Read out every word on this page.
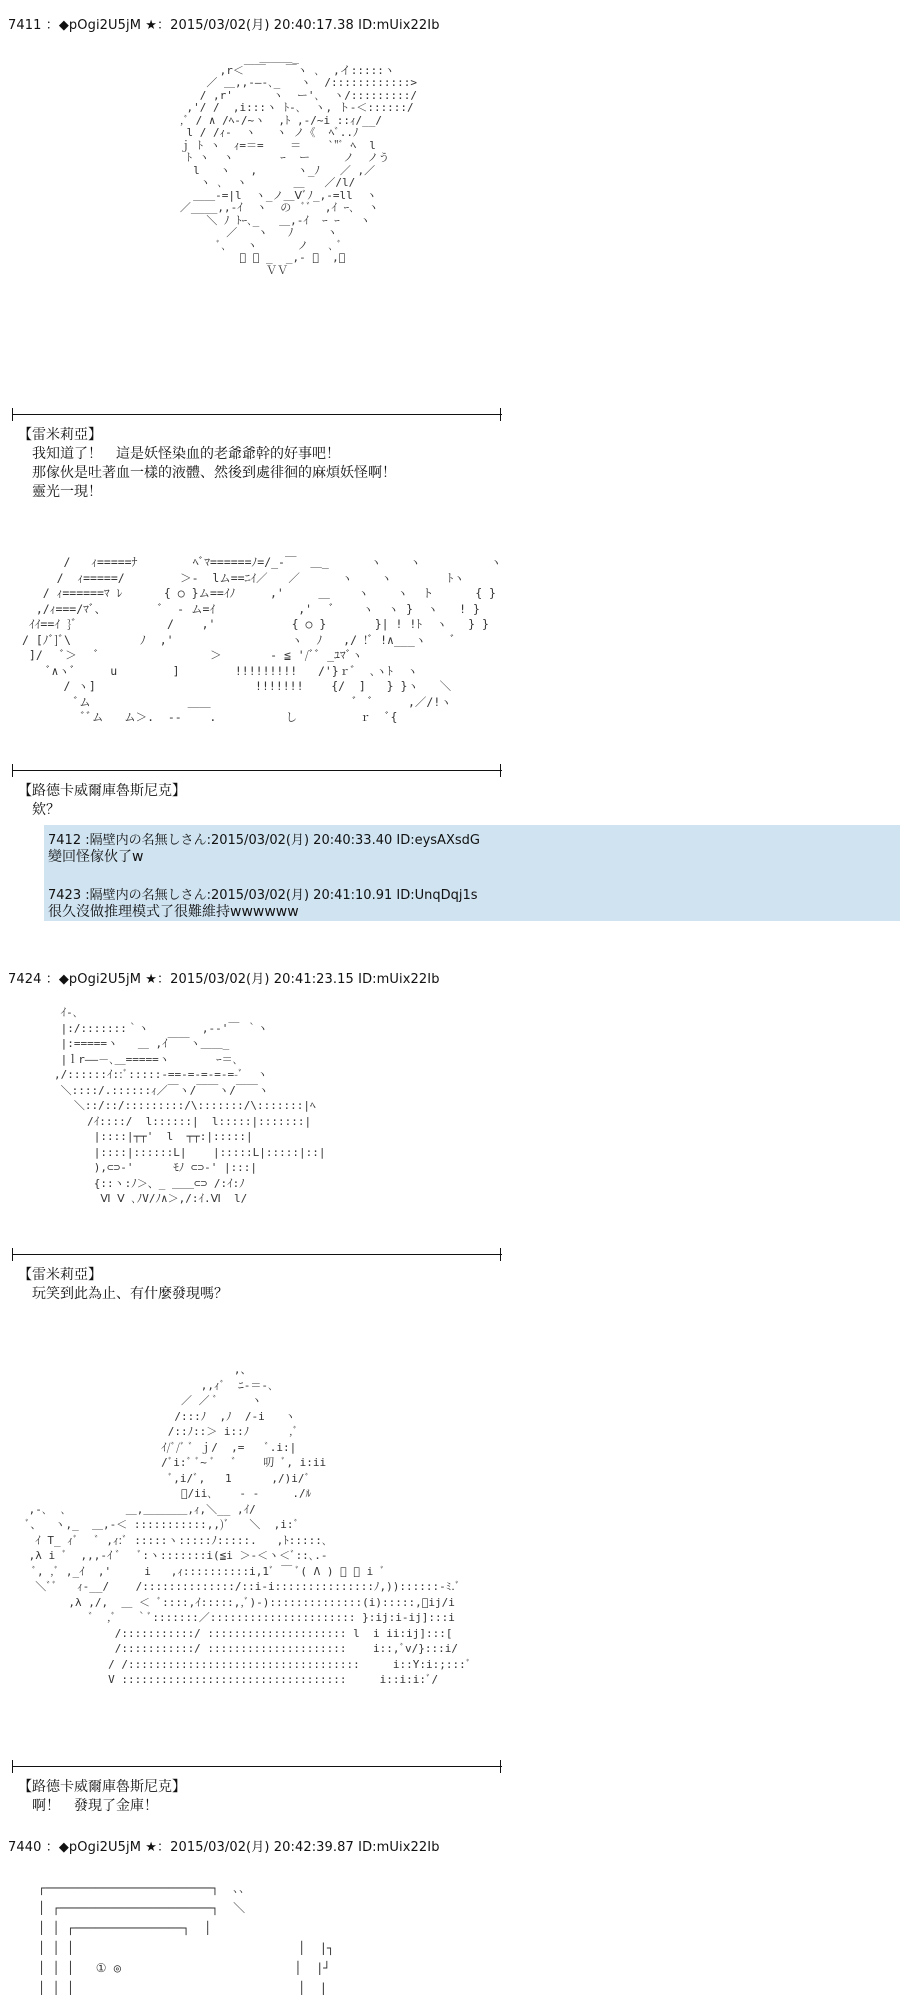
7411 ：◆pOgi2U5jM ★：2015/03/02(月) 20:40:17.38 ID:mUix22Ib
＿＿＿_
,r＜￣￣   ￣ヽ ､  ,イ:::::ヽ
／ ＿,,-―-､_   ヽ  /::::::::::::>
/ ,r'      ヽ  ー'､  ヽ/:::::::::/
,'/ /  ,i:::ヽ ﾄ-､  ヽ, ト-＜::::::/
,ﾞ / ∧ /ﾍ-/~ヽ  ,ﾄ ,-/~i ::ｨ/__/
l / /ｨ-  ヽ   ヽ ノ《  ﾍﾞ..ﾉ
ｊ ﾄ ヽ  ｨ=＝=    ＝    `"ﾞ ﾍ  l
ﾄ ヽ  ヽ       ｰ  ー     ノ  ノう
l   ヽ   ,      ヽ_ﾉ   ／ ,／
ヽ ､  ヽ       ＿   ／/l/
＿＿-=|l  ヽ_ノ＿Ⅴﾞﾉ_,-=ll  ヽ
／____,,-ｲ  ヽ  の  ﾞﾞ  ,ｲ ｰ､  ヽ
＼ ﾉ ﾄｰ､_   ＿,-ｲ  ｰ ｰ   ヽ
／   ヽ   ﾉ     ヽ
ﾞ､   ヽ      ノ   ､ ﾞ
ﾞ ､ _  _,- ﾞ  ,ﾞ
ＶＶ
【雷米莉亞】
我知道了！　這是妖怪染血的老爺爺幹的好事吧！
那傢伙是吐著血一樣的液體、然後到處徘徊的麻煩妖怪啊！
靈光一現！
/   ｨ=====ﾅ        ﾍﾞﾏ======ﾉ=/_-￣  ＿_      ヽ    ヽ          ヽ
/  ｨ=====/        ＞-  lム==ﾆｲ／   ／      ヽ    ヽ        ﾄヽ
/ ｨ======ﾏ ﾚ      { ○ }ム==ｲﾉ     ,'     ＿    ヽ    ヽ  ト      { }
,/ｨ===/ﾏﾞ、        ﾞ  - ム=ｲ            ,'   ﾞ    ヽ  ヽ }  ヽ   ! }
ｲｲ==ｲ }ﾞ             /    ,'           { ○ }       }| ! !ﾄ  ヽ   } }
/ [ﾉﾞ]ﾞ\          ﾉ  ,'                 ヽ  ﾉ   ,/ !ﾞ !∧___ヽ    ﾞ
]/   ﾞ＞   ﾞ                ＞       - ≦ '/ﾞﾞ _ﾕﾏﾞヽ
ﾞ∧ヽﾞ     u        ]        !!!!!!!!!   /'}ｒﾞ  ､ヽﾄ  ヽ
/ ヽ]                       !!!!!!!    {/  ]   } }ヽ   ＼
ﾞム              ＿＿                     ﾞ  ﾞ     ,／/!ヽ
ﾞﾞム   ム＞.  --    .          し         ｒ  ﾞ{
【路德卡威爾庫魯斯尼克】
欸？
7412 :隔壁内の名無しさん:2015/03/02(月) 20:40:33.40 ID:eysAXsdG
變回怪傢伙了w
7423 :隔壁内の名無しさん:2015/03/02(月) 20:41:10.91 ID:UnqDqj1s
很久沒做推理模式了很難維持wwwwww
7424 ：◆pOgi2U5jM ★：2015/03/02(月) 20:41:23.15 ID:mUix22Ib
ｲ-､
|:/:::::::｀ヽ        ,-‐'￣ ｀ヽ
|:=====ヽ   ＿ ,ｲ￣￣ヽ＿＿_
|ｌr――－､＿=====ヽ       ｰ＝､
,/::::::ｲ::ﾞ:::::-==-=-=-=-=-ﾞ  ヽ
＼::::/.::::::ｨ／￣ヽ/￣￣ヽ/￣￣ヽ
＼::/::/:::::::::/\:::::::/\:::::::|ﾍ
/ｲ::::/  l::::::|  l:::::|:::::::|
|::::|┬┬'  l  ┬┬:|:::::|
|::::|::::::L|    |:::::L|:::::|::|
),⊂⊃-'      ﾓﾉ ⊂⊃-' |:::|
{::ヽ:ﾉ＞、_ ＿＿⊂⊃ /:ｲ:ﾉ
Ⅵ Ⅴ ､ﾉV/ﾉ∧＞,/:ｲ.Ⅵ  l/
【雷米莉亞】
玩笑到此為止、有什麼發現嗎？
,、
,,ｨﾞ  ﾆ-＝-､
／ ／ ﾞ     ヽ
/:::ﾉ  ,ﾉ  /-i   ヽ
/::ﾉ::＞ i::ﾉ      ,ﾞ
ｲ/ﾞ/ﾞ ﾞ ｊ/  ,=   ﾞ.i:|
/ﾞi:ﾞ ﾞ~ ﾞ   ﾞ    叨 ﾞ, i:ii
ﾞ,i/ﾞ,   1      ,/)i/ﾞ
ﾞ/ii､    - -     ./ﾙ
,-､  ､         ＿,＿＿＿＿,ｨ,＼__ ,ｲ/
ﾞ、  ヽ,_  ＿,-＜ :::::::::::,,)ﾞ   ＼  ,i:ﾞ
ｲ T_ ｨﾞ   ﾞ ,ｨ:ﾞ :::::ヽ:::::ﾉ:::::.   ,ﾄ:::::､
,λ i ﾞ  ,,,-ｲ ﾞ   ﾞ:ヽ:::::::i(≦i ＞-＜ヽ＜ﾞ::､.-
ﾞ, ,ﾞ ,_ｲ  ,'     i   ,ｨ::::::::::i,1ﾞ ￣ ﾞ( Λ ) ﾞ ﾞ i ﾞ
＼ﾞﾞ   ｨ-__/    /::::::::::::::/::i-i:::::::::::::::ﾉ,))::::::-ﾐ.ﾞ
,λ ,/,  ＿ ＜ ﾞ::::,ｲ:::::,,ﾞ)-)::::::::::::::(i):::::,ﾞij/i
ﾞ  ,ﾞ   ｀ﾞ:::::::／:::::::::::::::::::::: }:ij:i-ij]:::i
/:::::::::::/ ::::::::::::::::::::: l  i ii:ij]:::[
/:::::::::::/ :::::::::::::::::::::    i::,ﾞv/}:::i/
/ /:::::::::::::::::::::::::::::::::::     i::Y:i:;:::ﾞ
V ::::::::::::::::::::::::::::::::::     i::i:i:ﾞ/
【路德卡威爾庫魯斯尼克】
啊！　發現了金庫！
7440 ：◆pOgi2U5jM ★：2015/03/02(月) 20:42:39.87 ID:mUix22Ib
┌───────────────────────┐  ､､
│ ┌─────────────────────┐  ＼
│ │ ┌───────────────┐  │
│ │ │                               │  |┐
│ │ │   ① ◎                        │  |┘
│ │ │                               │  |
